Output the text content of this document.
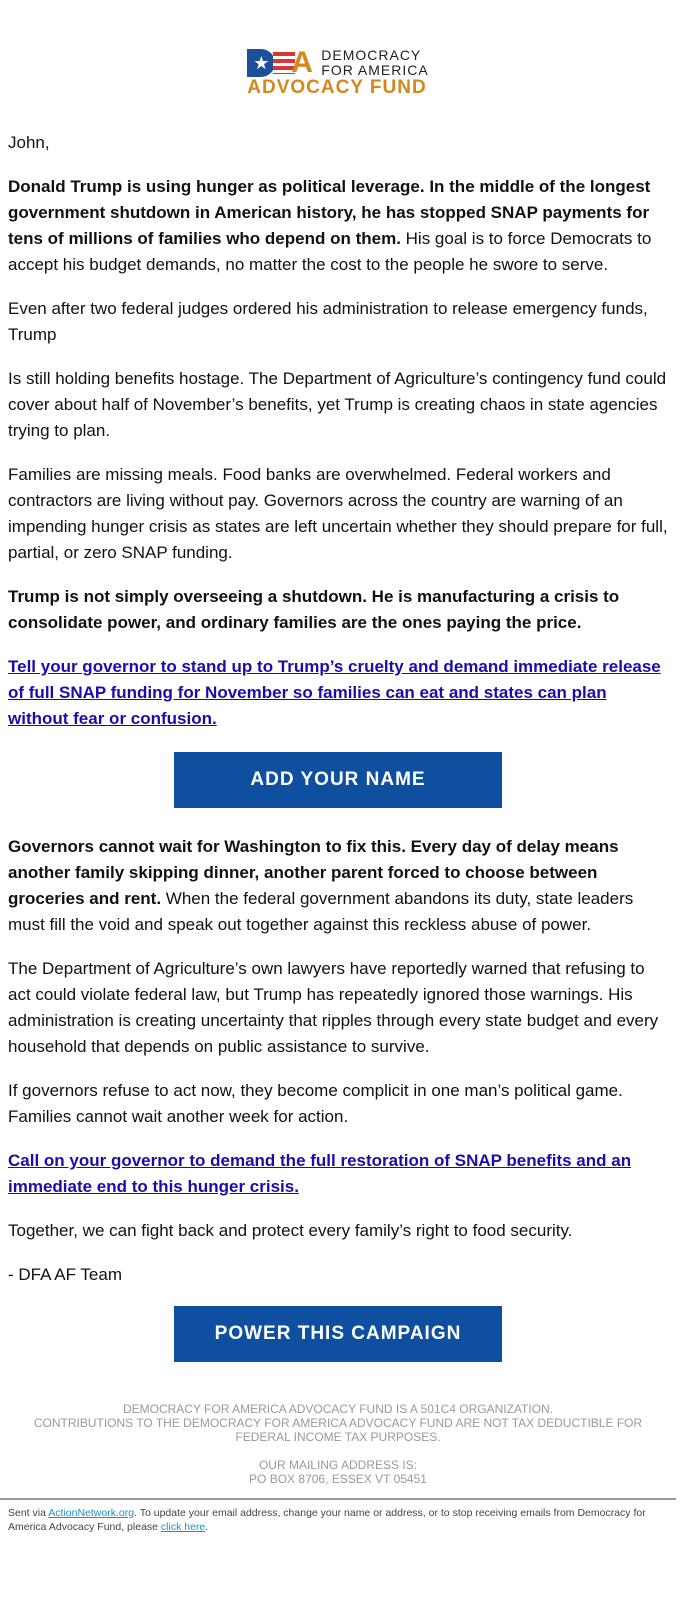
★ A DEMOCRACY
FOR AMERICA
ADVOCACY FUND

John,

Donald Trump is using hunger as political leverage. In the middle of the longest government shutdown in American history, he has stopped SNAP payments for tens of millions of families who depend on them. His goal is to force Democrats to accept his budget demands, no matter the cost to the people he swore to serve.

Even after two federal judges ordered his administration to release emergency funds, Trump

Is still holding benefits hostage. The Department of Agriculture’s contingency fund could cover about half of November’s benefits, yet Trump is creating chaos in state agencies trying to plan.

Families are missing meals. Food banks are overwhelmed. Federal workers and contractors are living without pay. Governors across the country are warning of an impending hunger crisis as states are left uncertain whether they should prepare for full, partial, or zero SNAP funding.

Trump is not simply overseeing a shutdown. He is manufacturing a crisis to consolidate power, and ordinary families are the ones paying the price.

Tell your governor to stand up to Trump’s cruelty and demand immediate release of full SNAP funding for November so families can eat and states can plan without fear or confusion.

ADD YOUR NAME

Governors cannot wait for Washington to fix this. Every day of delay means another family skipping dinner, another parent forced to choose between groceries and rent. When the federal government abandons its duty, state leaders must fill the void and speak out together against this reckless abuse of power.

The Department of Agriculture’s own lawyers have reportedly warned that refusing to act could violate federal law, but Trump has repeatedly ignored those warnings. His administration is creating uncertainty that ripples through every state budget and every household that depends on public assistance to survive.

If governors refuse to act now, they become complicit in one man’s political game. Families cannot wait another week for action.

Call on your governor to demand the full restoration of SNAP benefits and an immediate end to this hunger crisis.

Together, we can fight back and protect every family’s right to food security.

- DFA AF Team

POWER THIS CAMPAIGN
DEMOCRACY FOR AMERICA ADVOCACY FUND IS A 501C4 ORGANIZATION.
CONTRIBUTIONS TO THE DEMOCRACY FOR AMERICA ADVOCACY FUND ARE NOT TAX DEDUCTIBLE FOR FEDERAL INCOME TAX PURPOSES.
OUR MAILING ADDRESS IS:
PO BOX 8706, ESSEX VT 05451
Sent via ActionNetwork.org. To update your email address, change your name or address, or to stop receiving emails from Democracy for America Advocacy Fund, please click here.
